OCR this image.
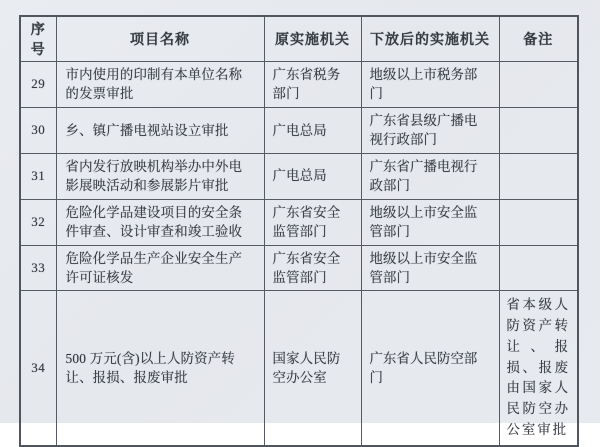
序号	项目名称	原实施机关	下放后的实施机关	备注
29	市内使用的印制有本单位名称的发票审批	广东省税务部门	地级以上市税务部门	
30	乡、镇广播电视站设立审批	广电总局	广东省县级广播电视行政部门	
31	省内发行放映机构举办中外电影展映活动和参展影片审批	广电总局	广东省广播电视行政部门	
32	危险化学品建设项目的安全条件审查、设计审查和竣工验收	广东省安全监管部门	地级以上市安全监管部门	
33	危险化学品生产企业安全生产许可证核发	广东省安全监管部门	地级以上市安全监管部门	
34	500 万元(含)以上人防资产转让、报损、报废审批	国家人民防空办公室	广东省人民防空部门	省本级人防资产转让、报损、报废由国家人民防空办公室审批
